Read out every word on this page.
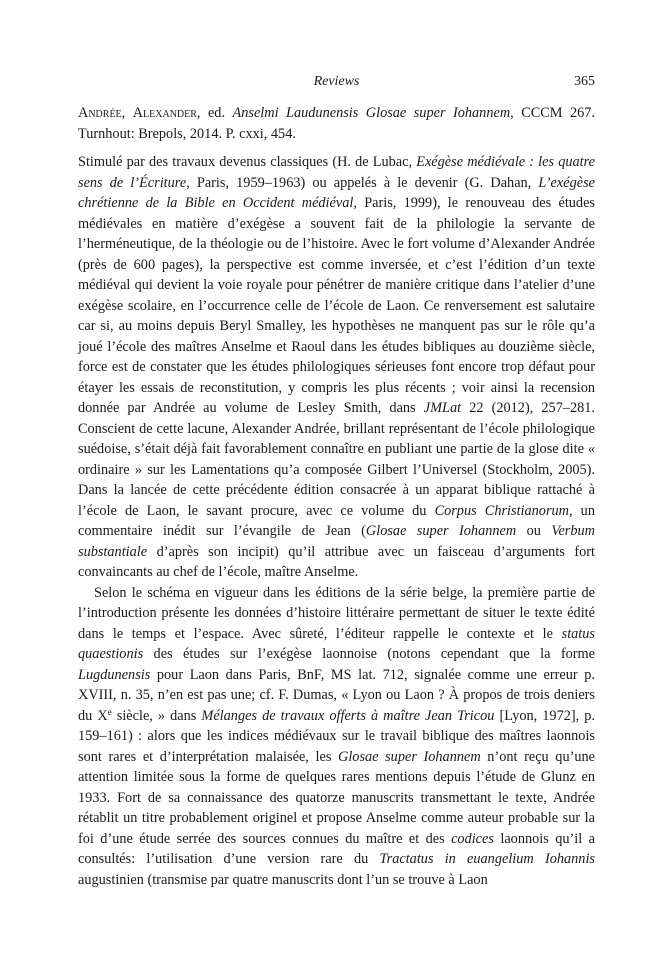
Reviews	365
Andrée, Alexander, ed. Anselmi Laudunensis Glosae super Iohannem, CCCM 267. Turnhout: Brepols, 2014. P. cxxi, 454.

Stimulé par des travaux devenus classiques (H. de Lubac, Exégèse médiévale : les quatre sens de l’Écriture, Paris, 1959–1963) ou appelés à le devenir (G. Dahan, L’exégèse chrétienne de la Bible en Occident médiéval, Paris, 1999), le renouveau des études médiévales en matière d’exégèse a souvent fait de la philologie la servante de l’herméneutique, de la théologie ou de l’histoire. Avec le fort volume d’Alexander Andrée (près de 600 pages), la perspective est comme inversée, et c’est l’édition d’un texte médiéval qui devient la voie royale pour pénétrer de manière critique dans l’atelier d’une exégèse scolaire, en l’occurrence celle de l’école de Laon. Ce renversement est salutaire car si, au moins depuis Beryl Smalley, les hypothèses ne manquent pas sur le rôle qu’a joué l’école des maîtres Anselme et Raoul dans les études bibliques au douzième siècle, force est de constater que les études philologiques sérieuses font encore trop défaut pour étayer les essais de reconstitution, y compris les plus récents ; voir ainsi la recension donnée par Andrée au volume de Lesley Smith, dans JMLat 22 (2012), 257–281. Conscient de cette lacune, Alexander Andrée, brillant représentant de l’école philologique suédoise, s’était déjà fait favorablement connaître en publiant une partie de la glose dite « ordinaire » sur les Lamentations qu’a composée Gilbert l’Universel (Stockholm, 2005). Dans la lancée de cette précédente édition consacrée à un apparat biblique rattaché à l’école de Laon, le savant procure, avec ce volume du Corpus Christianorum, un commentaire inédit sur l’évangile de Jean (Glosae super Iohannem ou Verbum substantiale d’après son incipit) qu’il attribue avec un faisceau d’arguments fort convaincants au chef de l’école, maître Anselme.

Selon le schéma en vigueur dans les éditions de la série belge, la première partie de l’introduction présente les données d’histoire littéraire permettant de situer le texte édité dans le temps et l’espace. Avec sûreté, l’éditeur rappelle le contexte et le status quaestionis des études sur l’exégèse laonnoise (notons cependant que la forme Lugdunensis pour Laon dans Paris, BnF, MS lat. 712, signalée comme une erreur p. XVIII, n. 35, n’en est pas une; cf. F. Dumas, « Lyon ou Laon ? À propos de trois deniers du Xe siècle, » dans Mélanges de travaux offerts à maître Jean Tricou [Lyon, 1972], p. 159–161) : alors que les indices médiévaux sur le travail biblique des maîtres laonnois sont rares et d’interprétation malaisée, les Glosae super Iohannem n’ont reçu qu’une attention limitée sous la forme de quelques rares mentions depuis l’étude de Glunz en 1933. Fort de sa connaissance des quatorze manuscrits transmettant le texte, Andrée rétablit un titre probablement originel et propose Anselme comme auteur probable sur la foi d’une étude serrée des sources connues du maître et des codices laonnois qu’il a consultés: l’utilisation d’une version rare du Tractatus in euangelium Iohannis augustinien (transmise par quatre manuscrits dont l’un se trouve à Laon
